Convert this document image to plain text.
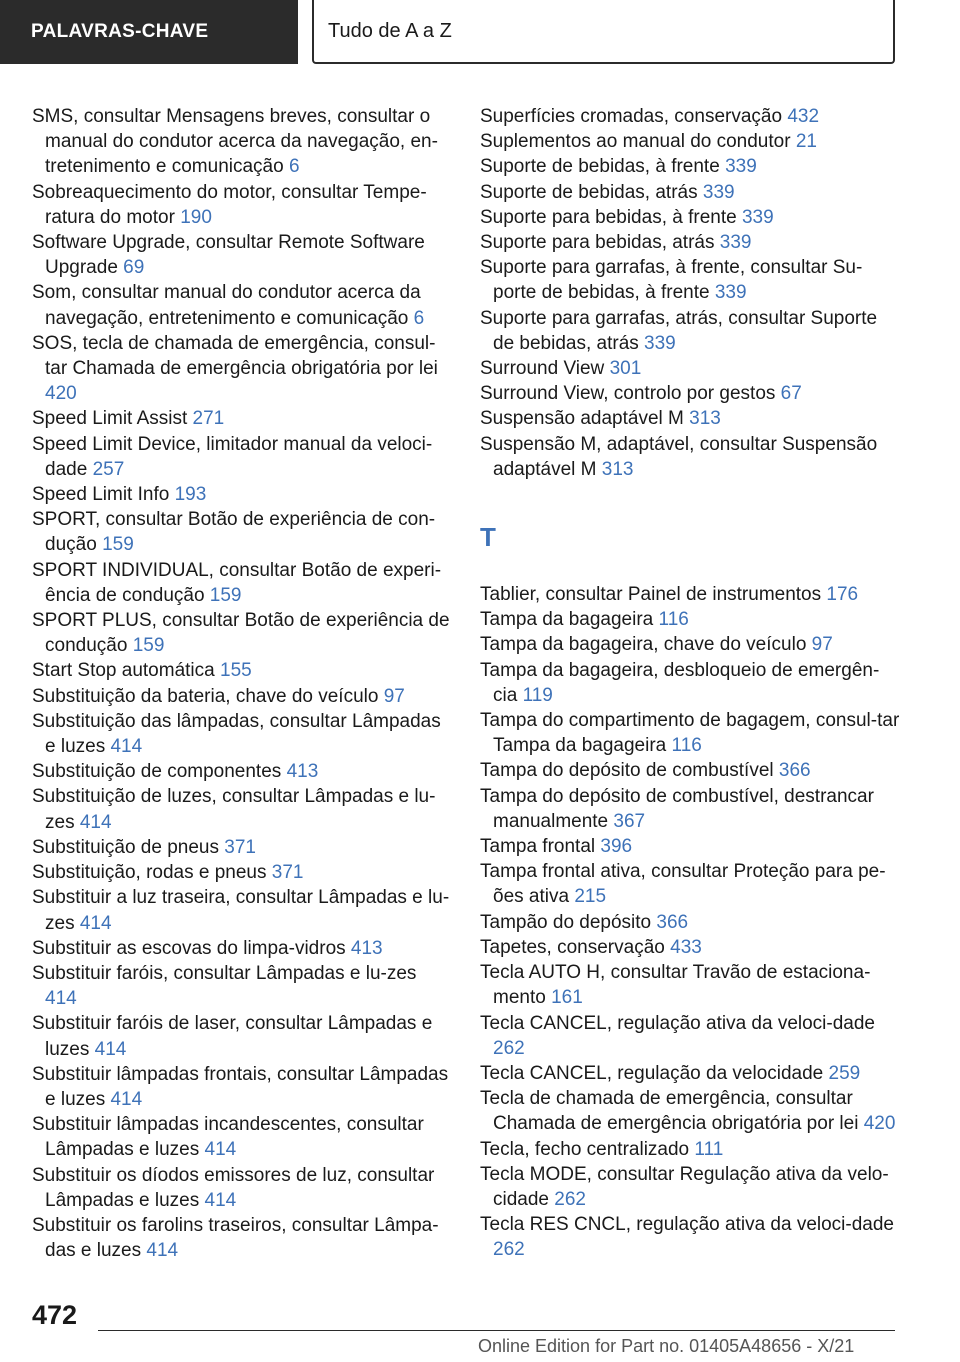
PALAVRAS-CHAVE	Tudo de A a Z
SMS, consultar Mensagens breves, consultar o manual do condutor acerca da navegação, en-tretenimento e comunicação 6
Sobreaquecimento do motor, consultar Tempe-ratura do motor 190
Software Upgrade, consultar Remote Software Upgrade 69
Som, consultar manual do condutor acerca da navegação, entretenimento e comunicação 6
SOS, tecla de chamada de emergência, consul-tar Chamada de emergência obrigatória por lei 420
Speed Limit Assist 271
Speed Limit Device, limitador manual da veloci-dade 257
Speed Limit Info 193
SPORT, consultar Botão de experiência de con-dução 159
SPORT INDIVIDUAL, consultar Botão de experi-ência de condução 159
SPORT PLUS, consultar Botão de experiência de condução 159
Start Stop automática 155
Substituição da bateria, chave do veículo 97
Substituição das lâmpadas, consultar Lâmpadas e luzes 414
Substituição de componentes 413
Substituição de luzes, consultar Lâmpadas e lu-zes 414
Substituição de pneus 371
Substituição, rodas e pneus 371
Substituir a luz traseira, consultar Lâmpadas e lu-zes 414
Substituir as escovas do limpa-vidros 413
Substituir faróis, consultar Lâmpadas e lu-zes 414
Substituir faróis de laser, consultar Lâmpadas e luzes 414
Substituir lâmpadas frontais, consultar Lâmpadas e luzes 414
Substituir lâmpadas incandescentes, consultar Lâmpadas e luzes 414
Substituir os díodos emissores de luz, consultar Lâmpadas e luzes 414
Substituir os farolins traseiros, consultar Lâmpa-das e luzes 414
Superfícies cromadas, conservação 432
Suplementos ao manual do condutor 21
Suporte de bebidas, à frente 339
Suporte de bebidas, atrás 339
Suporte para bebidas, à frente 339
Suporte para bebidas, atrás 339
Suporte para garrafas, à frente, consultar Su-porte de bebidas, à frente 339
Suporte para garrafas, atrás, consultar Suporte de bebidas, atrás 339
Surround View 301
Surround View, controlo por gestos 67
Suspensão adaptável M 313
Suspensão M, adaptável, consultar Suspensão adaptável M 313
T
Tablier, consultar Painel de instrumentos 176
Tampa da bagageira 116
Tampa da bagageira, chave do veículo 97
Tampa da bagageira, desbloqueio de emergên-cia 119
Tampa do compartimento de bagagem, consul-tar Tampa da bagageira 116
Tampa do depósito de combustível 366
Tampa do depósito de combustível, destrancar manualmente 367
Tampa frontal 396
Tampa frontal ativa, consultar Proteção para pe-ões ativa 215
Tampão do depósito 366
Tapetes, conservação 433
Tecla AUTO H, consultar Travão de estaciona-mento 161
Tecla CANCEL, regulação ativa da veloci-dade 262
Tecla CANCEL, regulação da velocidade 259
Tecla de chamada de emergência, consultar Chamada de emergência obrigatória por lei 420
Tecla, fecho centralizado 111
Tecla MODE, consultar Regulação ativa da velo-cidade 262
Tecla RES CNCL, regulação ativa da veloci-dade 262
472
Online Edition for Part no. 01405A48656 - X/21
